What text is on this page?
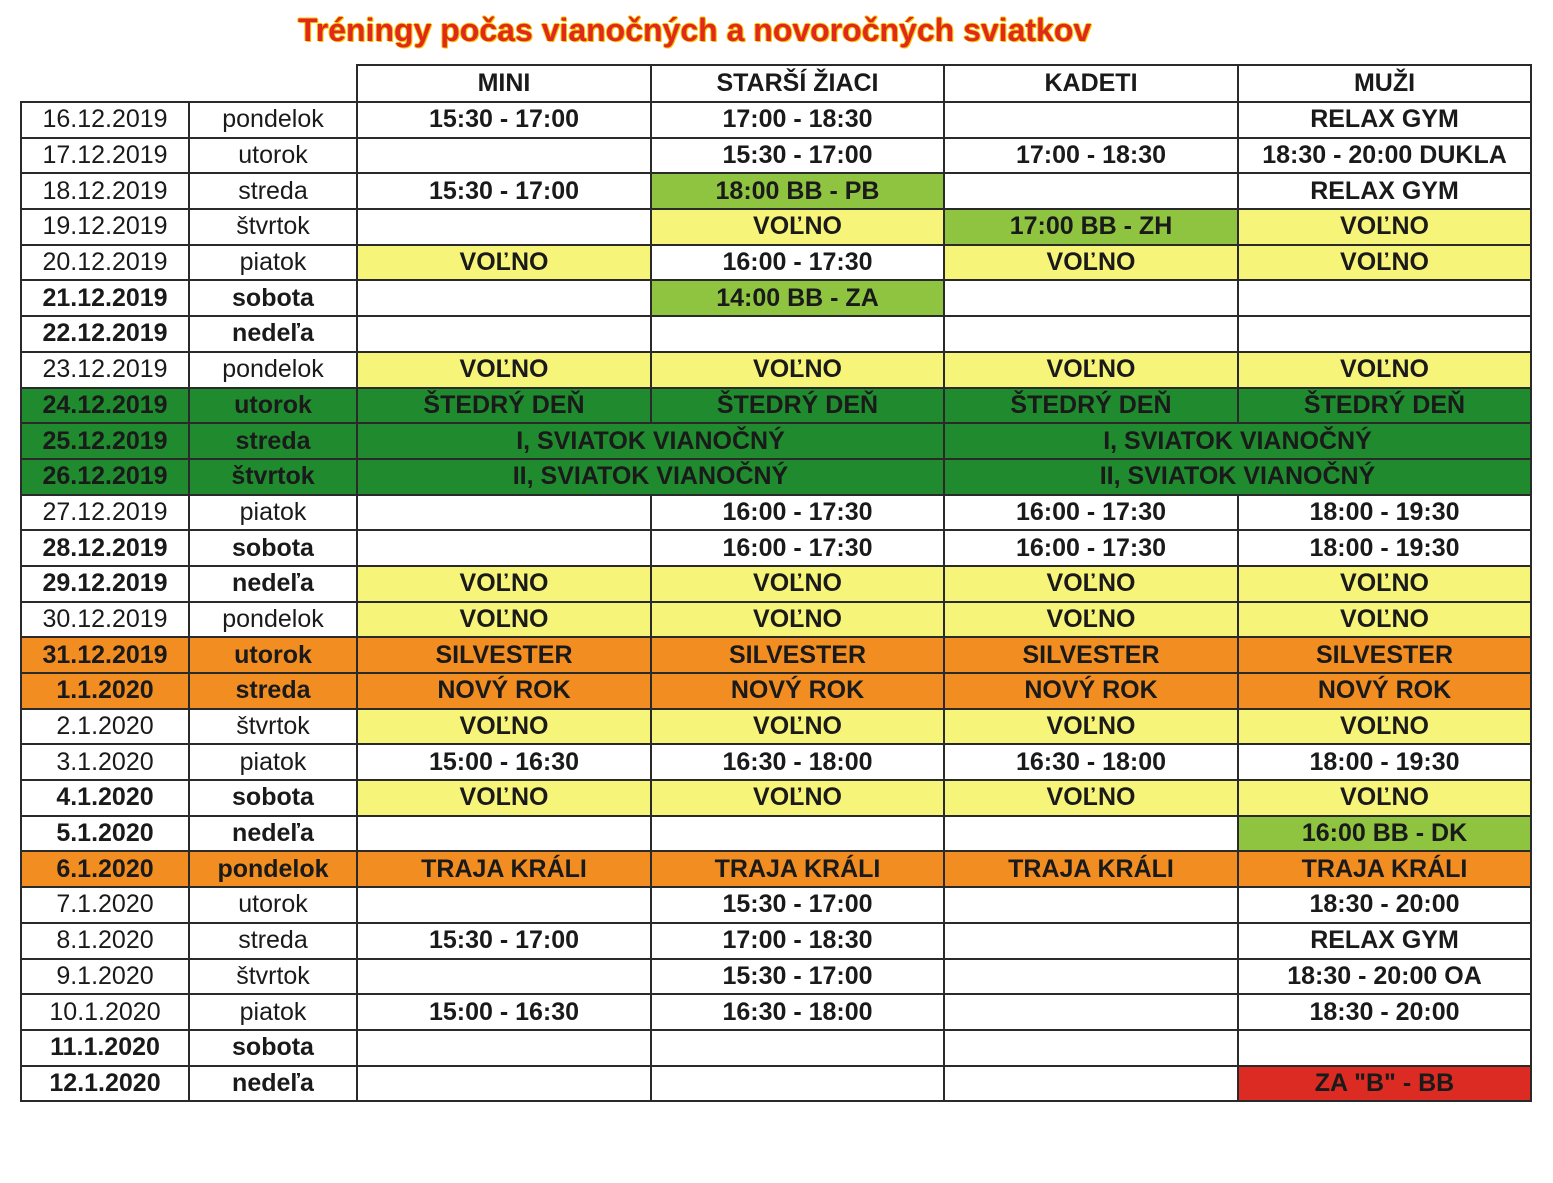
Tréningy počas vianočných a novoročných sviatkov
		MINI	STARŠÍ ŽIACI	KADETI	MUŽI
16.12.2019	pondelok	15:30 - 17:00	17:00 - 18:30		RELAX GYM
17.12.2019	utorok		15:30 - 17:00	17:00 - 18:30	18:30 - 20:00 DUKLA
18.12.2019	streda	15:30 - 17:00	18:00 BB - PB		RELAX GYM
19.12.2019	štvrtok		VOĽNO	17:00 BB - ZH	VOĽNO
20.12.2019	piatok	VOĽNO	16:00 - 17:30	VOĽNO	VOĽNO
21.12.2019	sobota		14:00 BB - ZA		
22.12.2019	nedeľa				
23.12.2019	pondelok	VOĽNO	VOĽNO	VOĽNO	VOĽNO
24.12.2019	utorok	ŠTEDRÝ DEŇ	ŠTEDRÝ DEŇ	ŠTEDRÝ DEŇ	ŠTEDRÝ DEŇ
25.12.2019	streda	I, SVIATOK VIANOČNÝ		I, SVIATOK VIANOČNÝ	
26.12.2019	štvrtok	II, SVIATOK VIANOČNÝ		II, SVIATOK VIANOČNÝ	
27.12.2019	piatok		16:00 - 17:30	16:00 - 17:30	18:00 - 19:30
28.12.2019	sobota		16:00 - 17:30	16:00 - 17:30	18:00 - 19:30
29.12.2019	nedeľa	VOĽNO	VOĽNO	VOĽNO	VOĽNO
30.12.2019	pondelok	VOĽNO	VOĽNO	VOĽNO	VOĽNO
31.12.2019	utorok	SILVESTER	SILVESTER	SILVESTER	SILVESTER
1.1.2020	streda	NOVÝ ROK	NOVÝ ROK	NOVÝ ROK	NOVÝ ROK
2.1.2020	štvrtok	VOĽNO	VOĽNO	VOĽNO	VOĽNO
3.1.2020	piatok	15:00 - 16:30	16:30 - 18:00	16:30 - 18:00	18:00 - 19:30
4.1.2020	sobota	VOĽNO	VOĽNO	VOĽNO	VOĽNO
5.1.2020	nedeľa				16:00 BB - DK
6.1.2020	pondelok	TRAJA KRÁLI	TRAJA KRÁLI	TRAJA KRÁLI	TRAJA KRÁLI
7.1.2020	utorok		15:30 - 17:00		18:30 - 20:00
8.1.2020	streda	15:30 - 17:00	17:00 - 18:30		RELAX GYM
9.1.2020	štvrtok		15:30 - 17:00		18:30 - 20:00 OA
10.1.2020	piatok	15:00 - 16:30	16:30 - 18:00		18:30 - 20:00
11.1.2020	sobota				
12.1.2020	nedeľa				ZA "B" - BB
